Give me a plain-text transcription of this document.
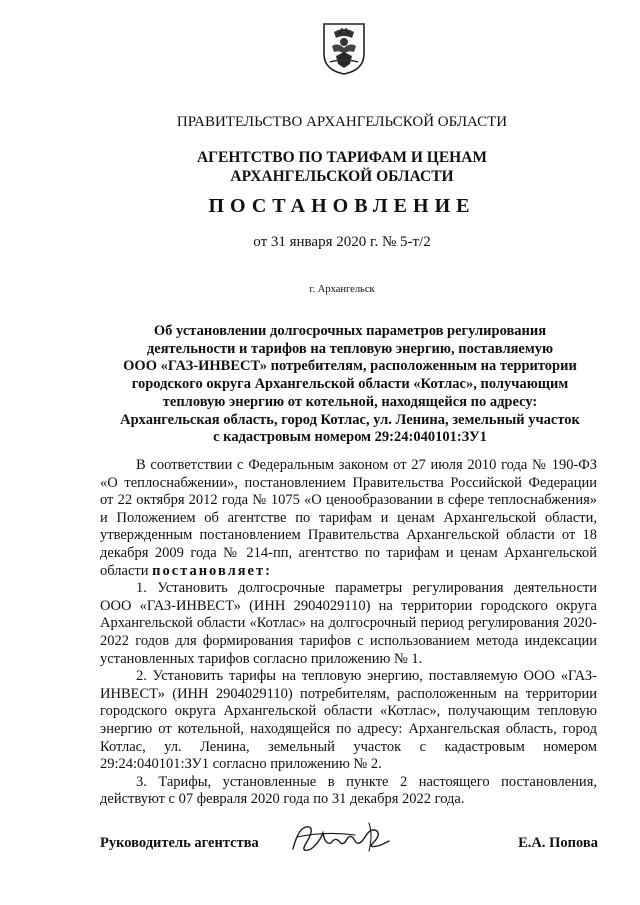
ПРАВИТЕЛЬСТВО АРХАНГЕЛЬСКОЙ ОБЛАСТИ
АГЕНТСТВО ПО ТАРИФАМ И ЦЕНАМ
АРХАНГЕЛЬСКОЙ ОБЛАСТИ
ПОСТАНОВЛЕНИЕ
от 31 января 2020 г. № 5-т/2
г. Архангельск
Об установлении долгосрочных параметров регулирования
деятельности и тарифов на тепловую энергию, поставляемую
ООО «ГАЗ-ИНВЕСТ» потребителям, расположенным на территории
городского округа Архангельской области «Котлас», получающим
тепловую энергию от котельной, находящейся по адресу:
Архангельская область, город Котлас, ул. Ленина, земельный участок
с кадастровым номером 29:24:040101:ЗУ1

В соответствии с Федеральным законом от 27 июля 2010 года № 190-ФЗ «О теплоснабжении», постановлением Правительства Российской Федерации от 22 октября 2012 года № 1075 «О ценообразовании в сфере теплоснабжения» и Положением об агентстве по тарифам и ценам Архангельской области, утвержденным постановлением Правительства Архангельской области от 18 декабря 2009 года № 214-пп, агентство по тарифам и ценам Архангельской области постановляет:

1. Установить долгосрочные параметры регулирования деятельности ООО «ГАЗ-ИНВЕСТ» (ИНН 2904029110) на территории городского округа Архангельской области «Котлас» на долгосрочный период регулирования 2020-2022 годов для формирования тарифов с использованием метода индексации установленных тарифов согласно приложению № 1.

2. Установить тарифы на тепловую энергию, поставляемую ООО «ГАЗ-ИНВЕСТ» (ИНН 2904029110) потребителям, расположенным на территории городского округа Архангельской области «Котлас», получающим тепловую энергию от котельной, находящейся по адресу: Архангельская область, город Котлас, ул. Ленина, земельный участок с кадастровым номером 29:24:040101:ЗУ1 согласно приложению № 2.

3. Тарифы, установленные в пункте 2 настоящего постановления, действуют с 07 февраля 2020 года по 31 декабря 2022 года.

Руководитель агентства	Е.А. Попова
